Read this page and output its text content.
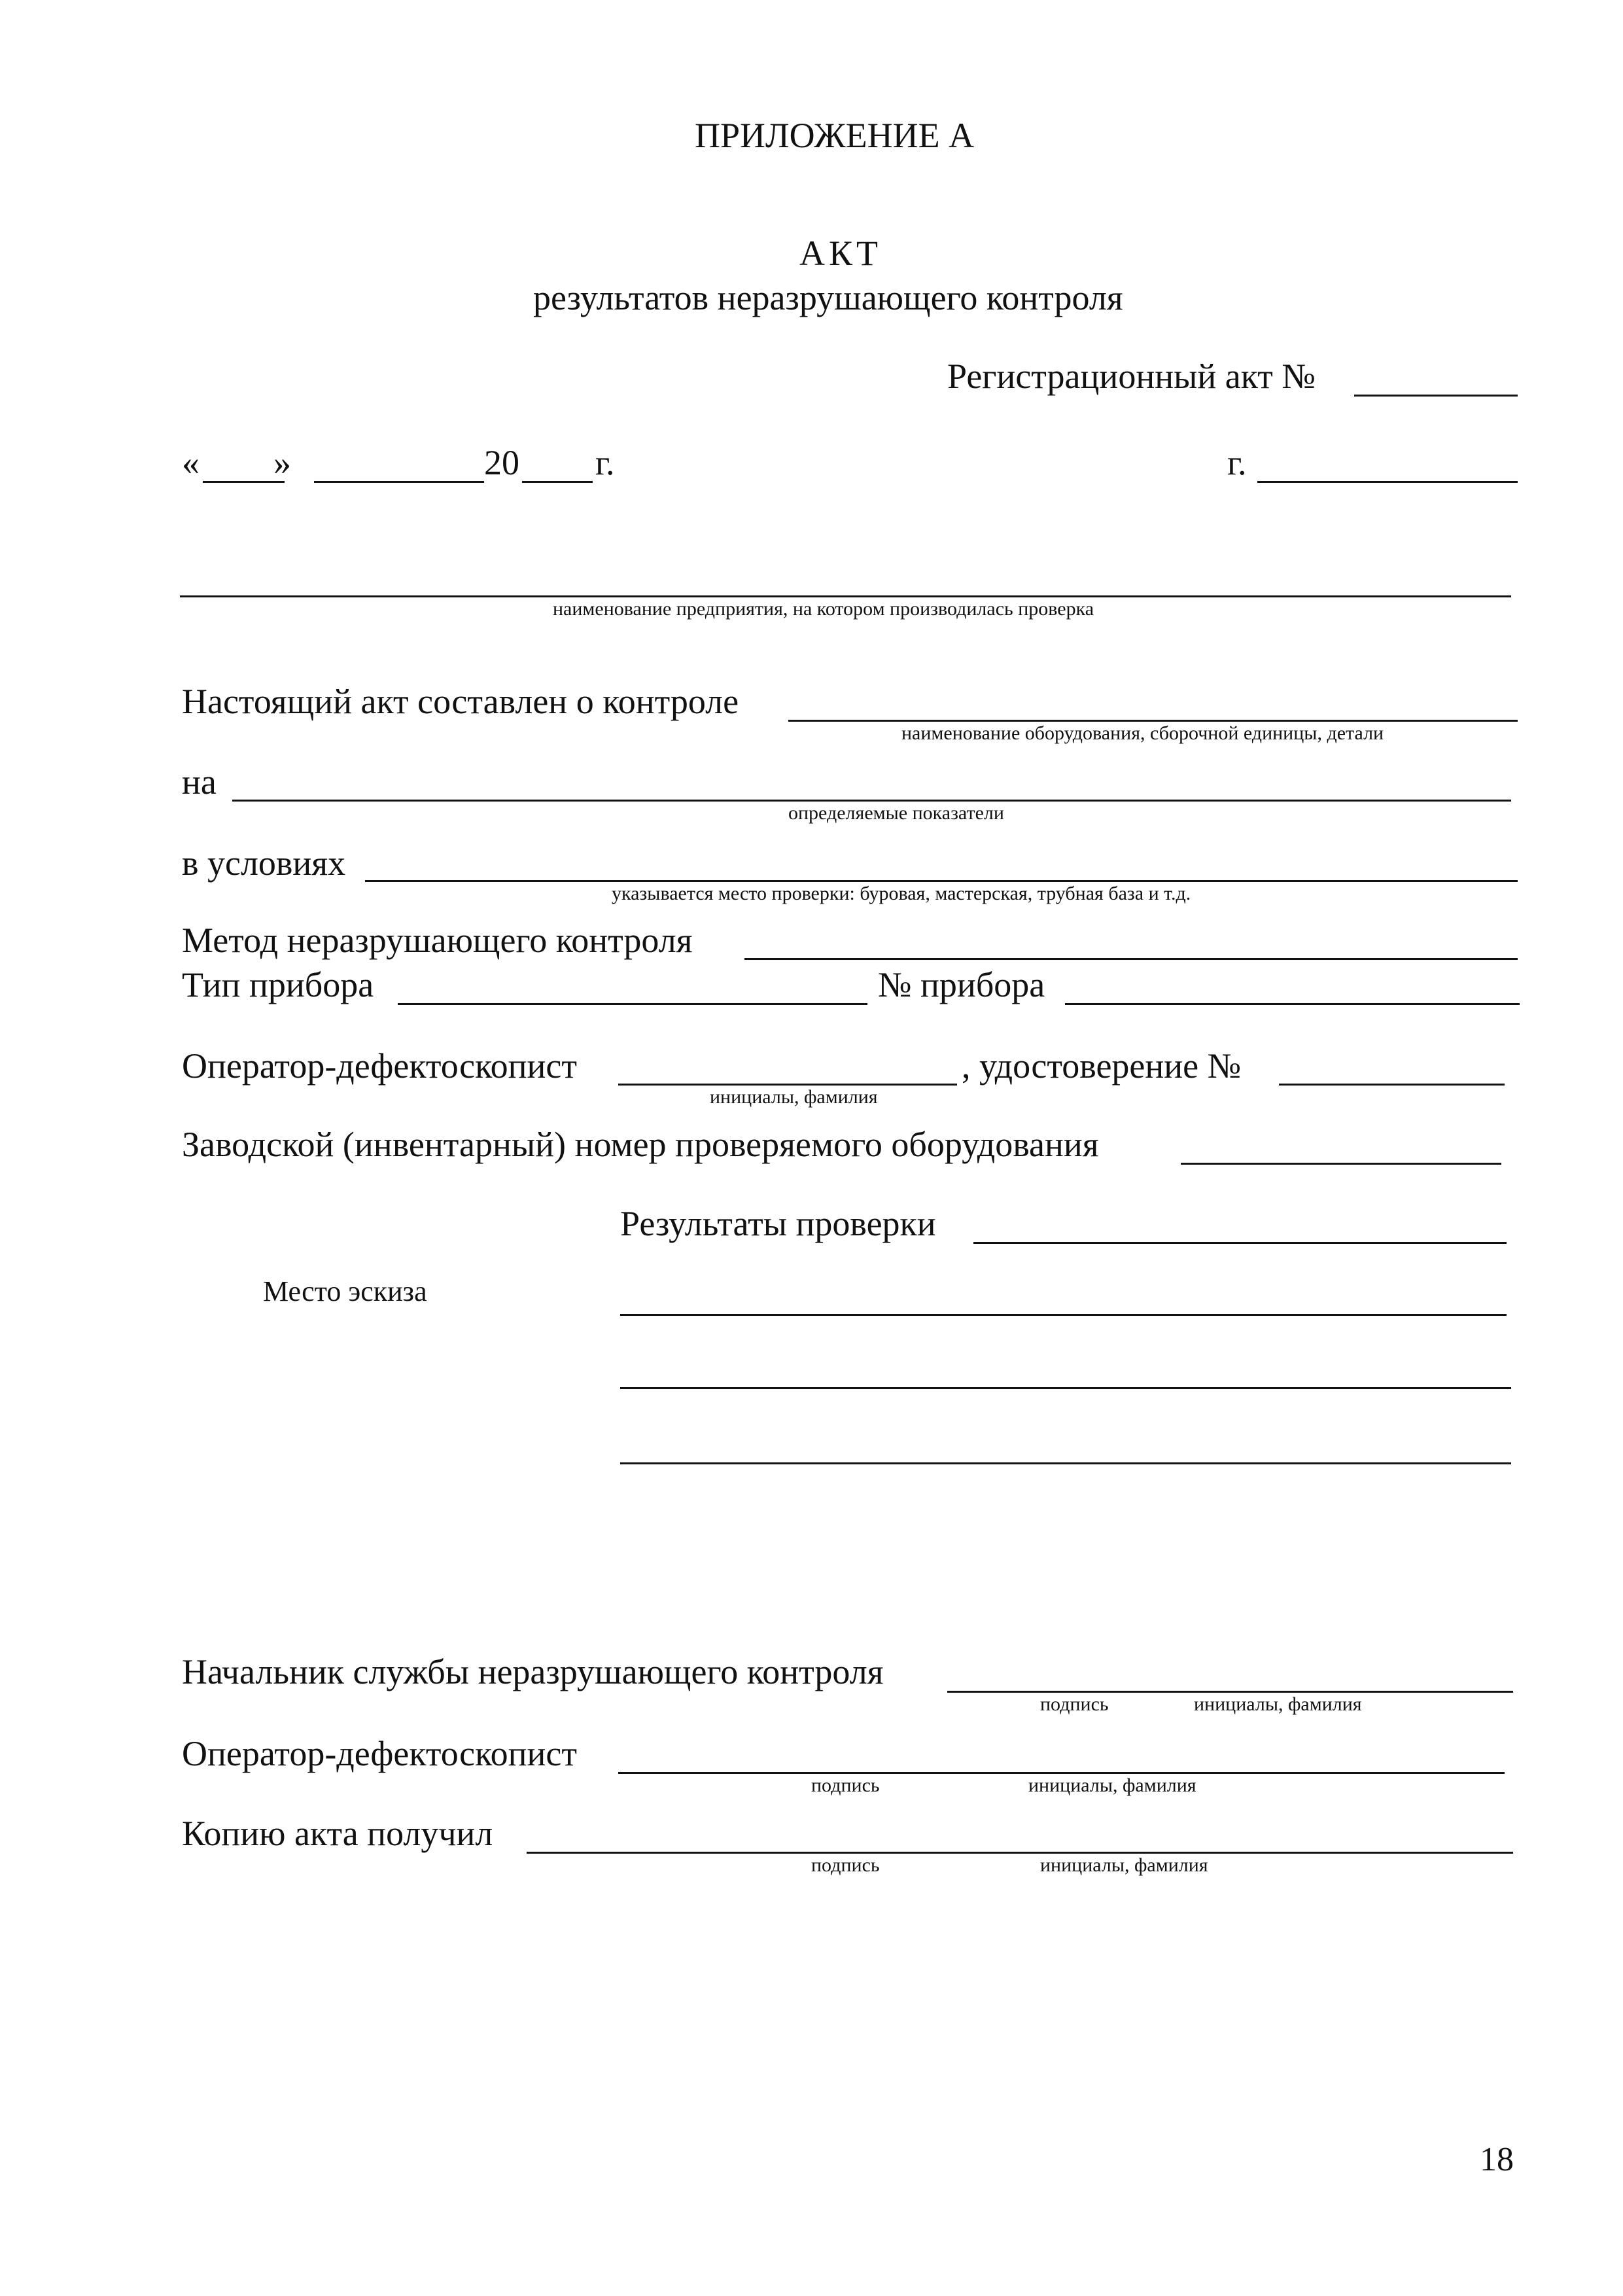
ПРИЛОЖЕНИЕ А
АКТ
результатов неразрушающего контроля
Регистрационный акт №
« »	20 г.	г.
наименование предприятия, на котором производилась проверка
Настоящий акт составлен о контроле
наименование оборудования, сборочной единицы, детали
на
определяемые показатели
в условиях
указывается место проверки: буровая, мастерская, трубная база и т.д.
Метод неразрушающего контроля
Тип прибора	№ прибора
Оператор-дефектоскопист
инициалы, фамилия
, удостоверение №
Заводской (инвентарный) номер проверяемого оборудования
Результаты проверки
Место эскиза
Начальник службы неразрушающего контроля
подпись	инициалы, фамилия
Оператор-дефектоскопист
подпись	инициалы, фамилия
Копию акта получил
подпись	инициалы, фамилия
18
